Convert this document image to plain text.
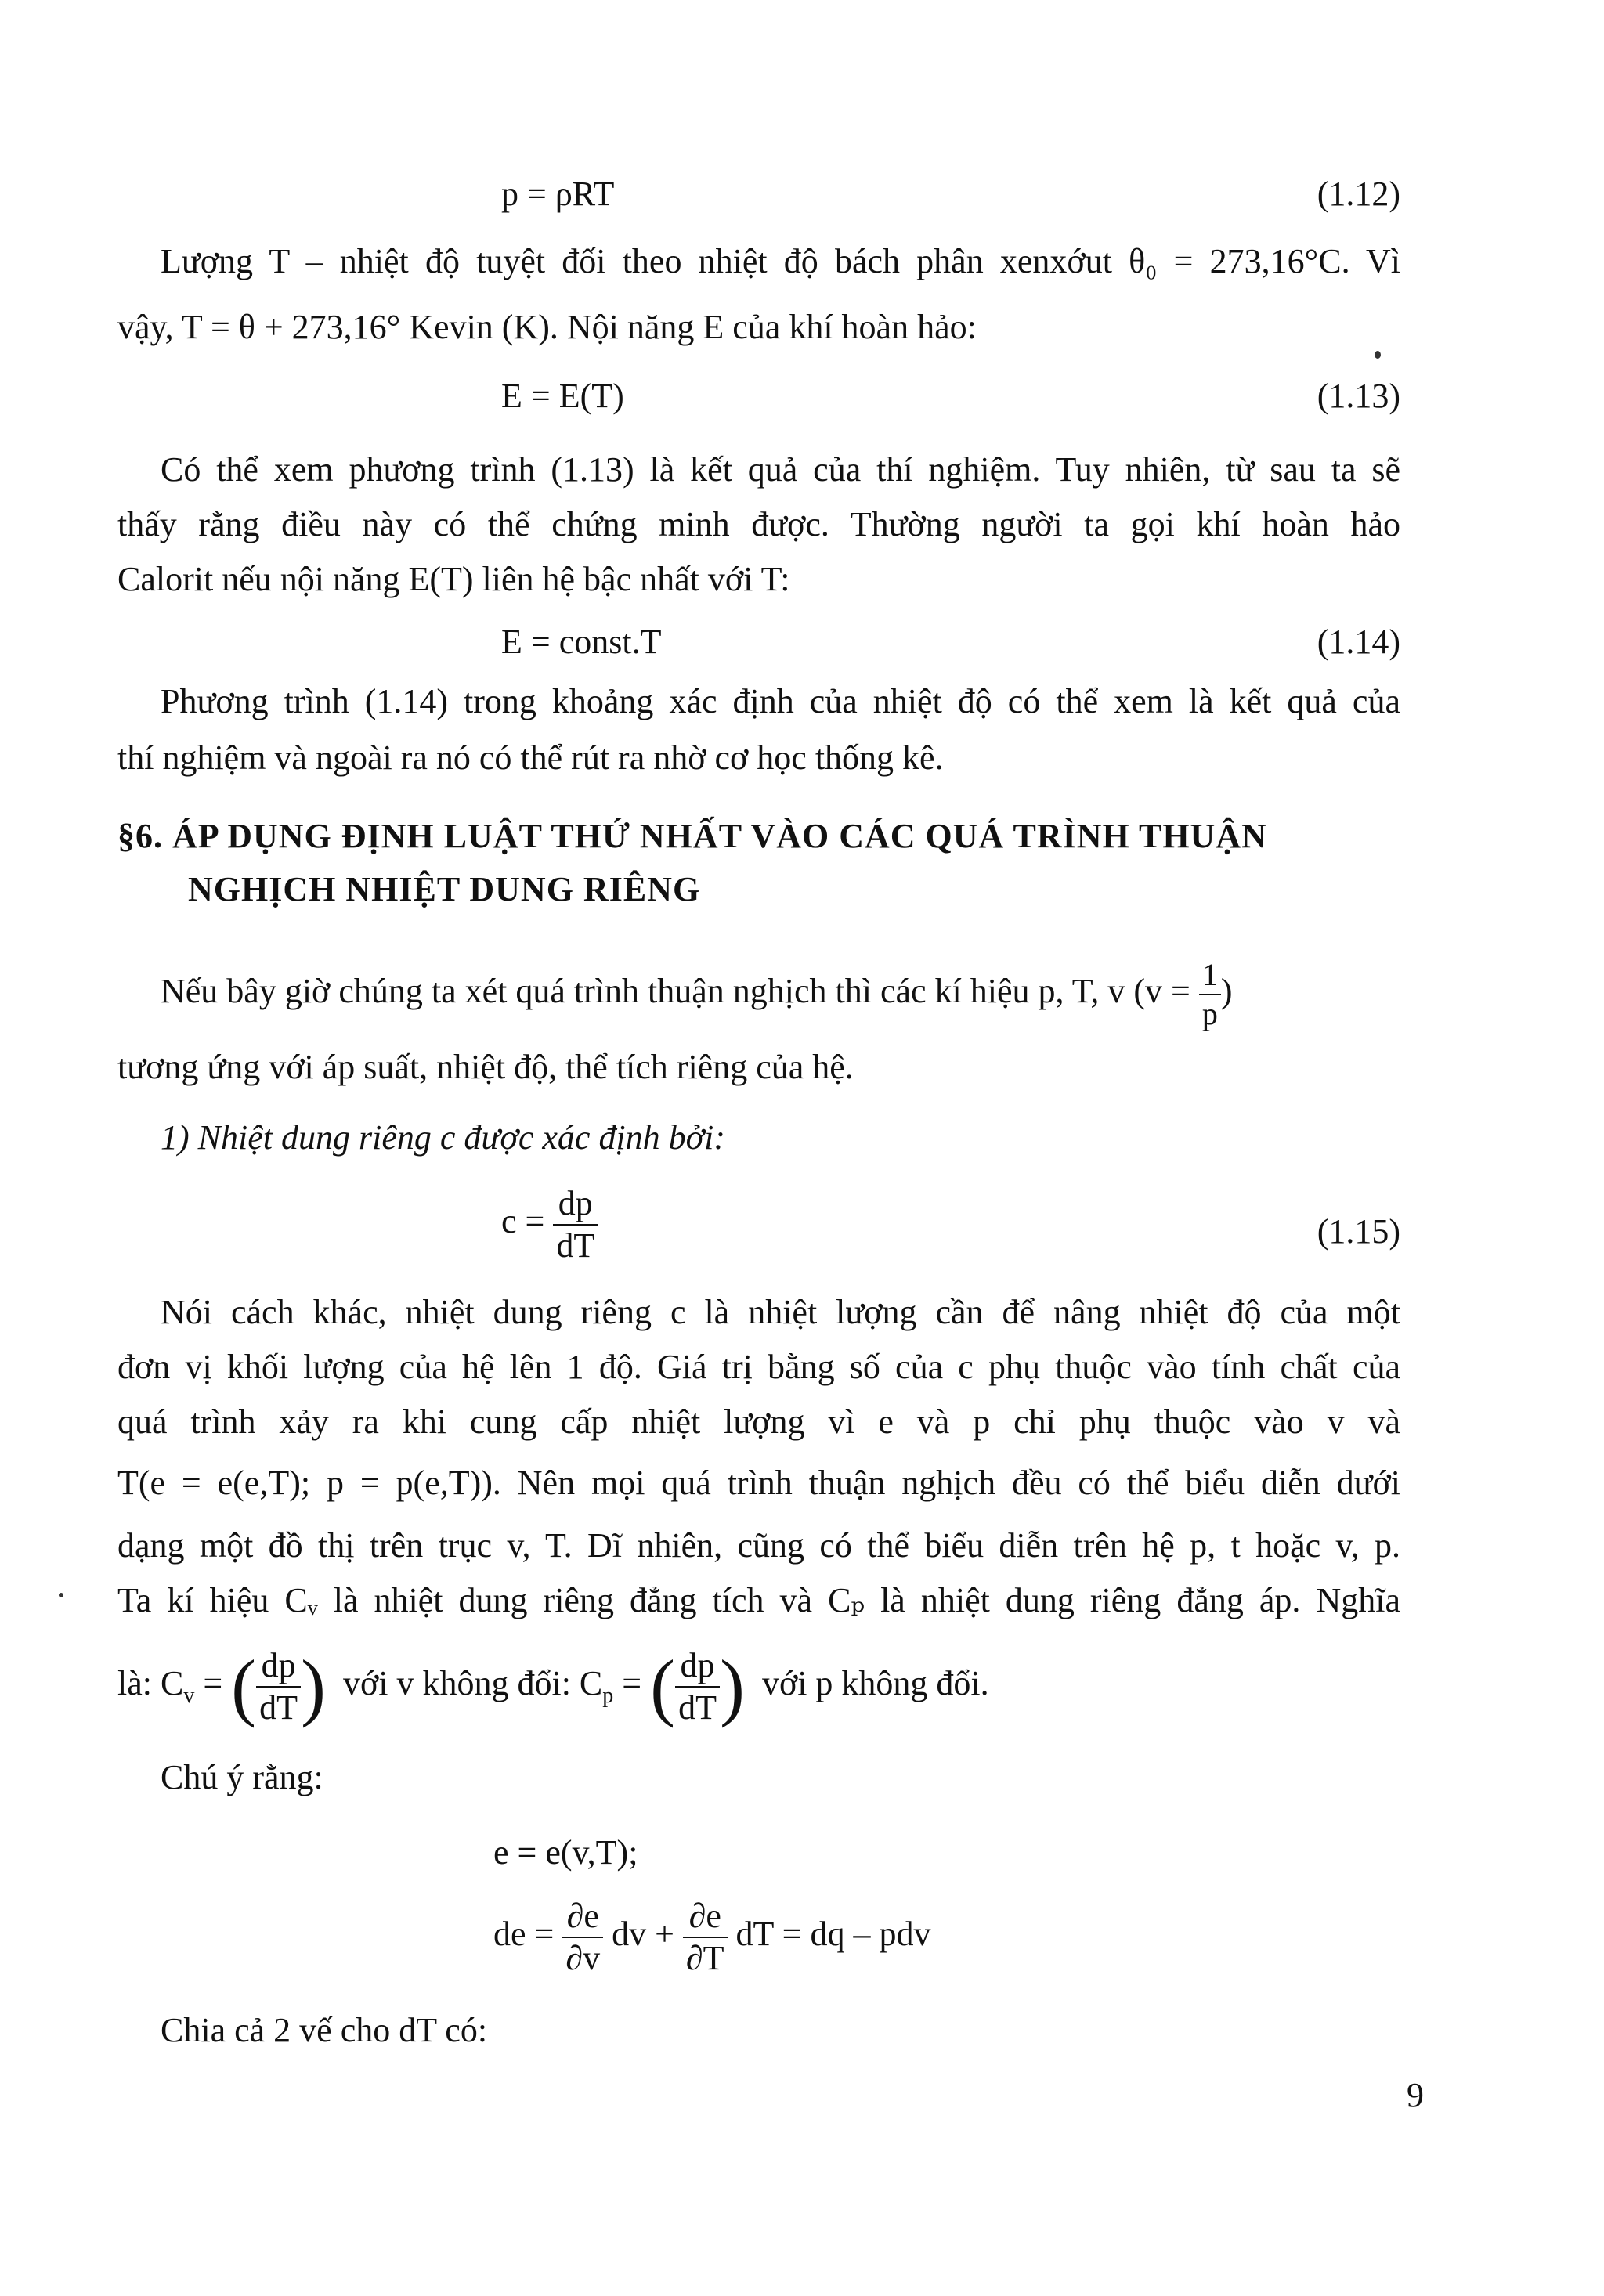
p = ρRT	(1.12)
Lượng T – nhiệt độ tuyệt đối theo nhiệt độ bách phân xenxớut θ₀ = 273,16°C. Vì
vậy, T = θ + 273,16° Kevin (K). Nội năng E của khí hoàn hảo:
E = E(T)	(1.13)
Có thể xem phương trình (1.13) là kết quả của thí nghiệm. Tuy nhiên, từ sau ta sẽ
thấy rằng điều này có thể chứng minh được. Thường người ta gọi khí hoàn hảo
Calorit nếu nội năng E(T) liên hệ bậc nhất với T:
E = const.T	(1.14)
Phương trình (1.14) trong khoảng xác định của nhiệt độ có thể xem là kết quả của
thí nghiệm và ngoài ra nó có thể rút ra nhờ cơ học thống kê.
§6. ÁP DỤNG ĐỊNH LUẬT THỨ NHẤT VÀO CÁC QUÁ TRÌNH THUẬN
NGHỊCH NHIỆT DUNG RIÊNG
Nếu bây giờ chúng ta xét quá trình thuận nghịch thì các kí hiệu p, T, v ($v = \frac{1}{p}$ )
tương ứng với áp suất, nhiệt độ, thể tích riêng của hệ.
1) Nhiệt dung riêng c được xác định bởi:
$c = \frac{dp}{dT}$	(1.15)
Nói cách khác, nhiệt dung riêng c là nhiệt lượng cần để nâng nhiệt độ của một
đơn vị khối lượng của hệ lên 1 độ. Giá trị bằng số của c phụ thuộc vào tính chất của
quá trình xảy ra khi cung cấp nhiệt lượng vì e và p chỉ phụ thuộc vào v và
T(e = e(e,T); p = p(e,T)). Nên mọi quá trình thuận nghịch đều có thể biểu diễn dưới
dạng một đồ thị trên trục v, T. Dĩ nhiên, cũng có thể biểu diễn trên hệ p, t hoặc v, p.
Ta kí hiệu Cᵥ là nhiệt dung riêng đẳng tích và Cₚ là nhiệt dung riêng đẳng áp. Nghĩa
là: $C_v$ = ( $\frac{dp}{dT}$ ) với v không đổi: $C_p$ = ( $\frac{dp}{dT}$ ) với p không đổi.
Chú ý rằng:
e = e(v,T);
de = $\frac{\partial e}{\partial v}$ dv + $\frac{\partial e}{\partial T}$ dT = dq – pdv
Chia cả 2 vế cho dT có:
9
